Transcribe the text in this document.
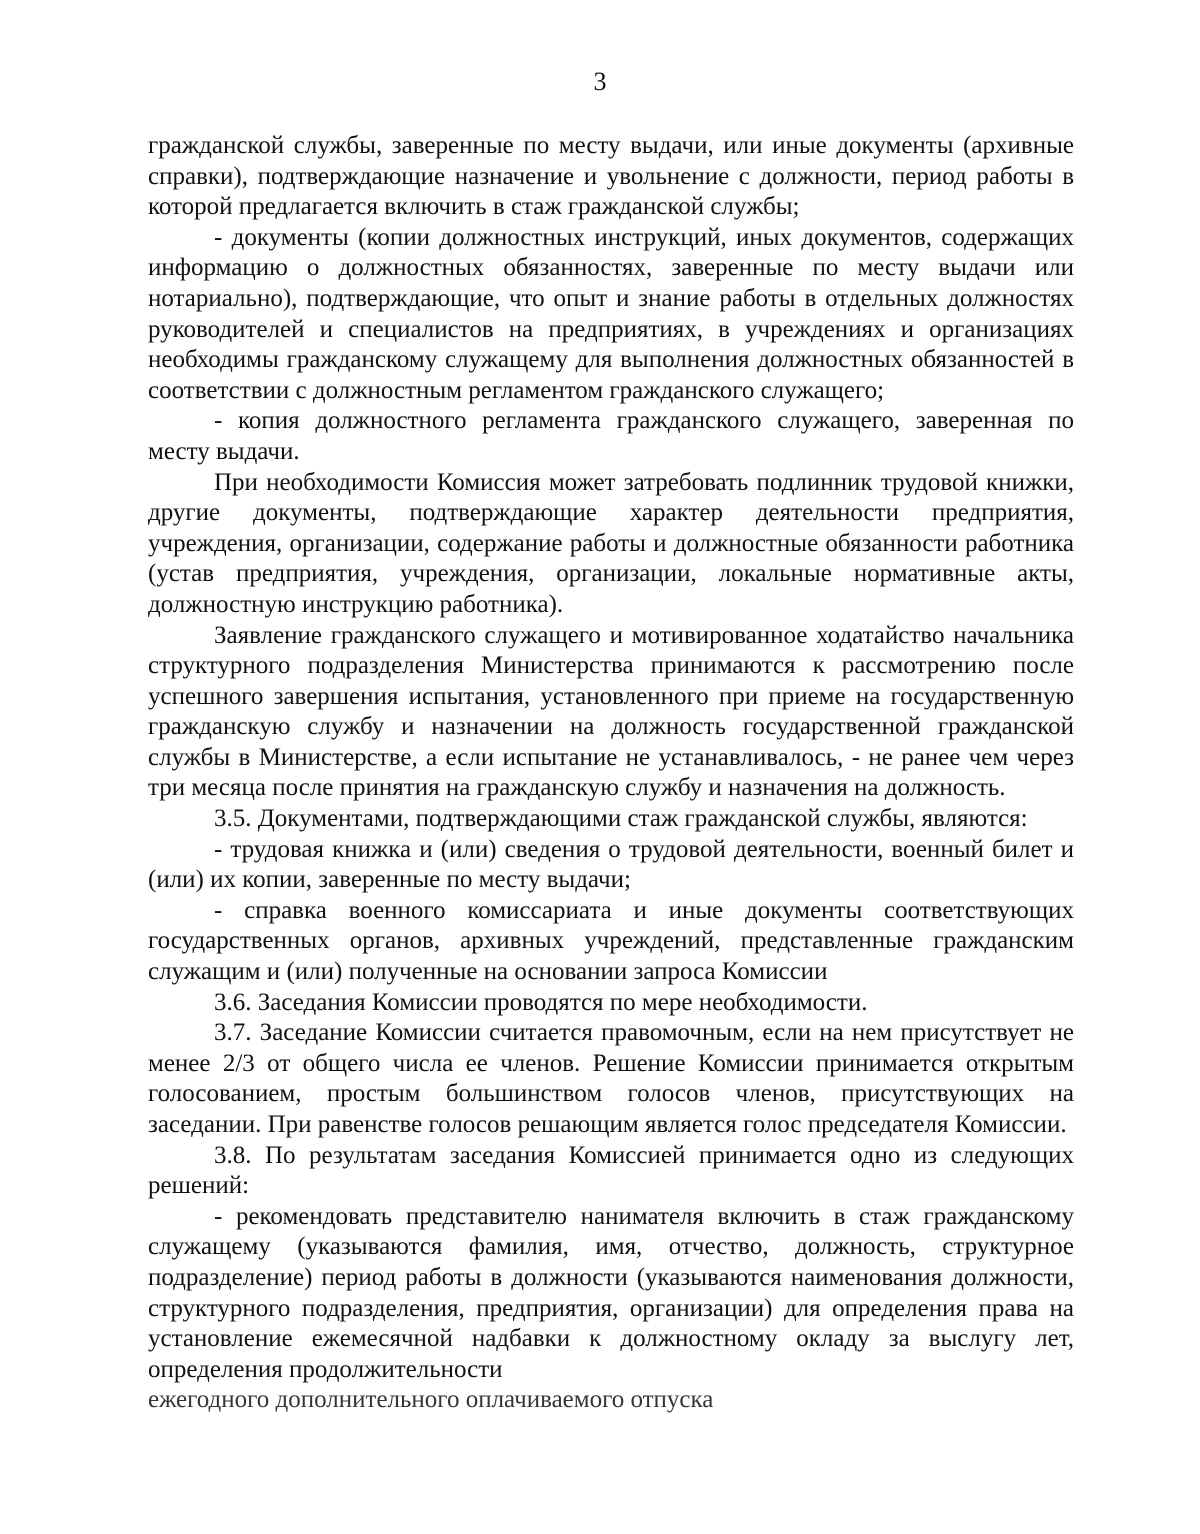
3

гражданской службы, заверенные по месту выдачи, или иные документы (архивные справки), подтверждающие назначение и увольнение с должности, период работы в которой предлагается включить в стаж гражданской службы;

- документы (копии должностных инструкций, иных документов, содержащих информацию о должностных обязанностях, заверенные по месту выдачи или нотариально), подтверждающие, что опыт и знание работы в отдельных должностях руководителей и специалистов на предприятиях, в учреждениях и организациях необходимы гражданскому служащему для выполнения должностных обязанностей в соответствии с должностным регламентом гражданского служащего;

- копия должностного регламента гражданского служащего, заверенная по месту выдачи.

При необходимости Комиссия может затребовать подлинник трудовой книжки, другие документы, подтверждающие характер деятельности предприятия, учреждения, организации, содержание работы и должностные обязанности работника (устав предприятия, учреждения, организации, локальные нормативные акты, должностную инструкцию работника).

Заявление гражданского служащего и мотивированное ходатайство начальника структурного подразделения Министерства принимаются к рассмотрению после успешного завершения испытания, установленного при приеме на государственную гражданскую службу и назначении на должность государственной гражданской службы в Министерстве, а если испытание не устанавливалось, - не ранее чем через три месяца после принятия на гражданскую службу и назначения на должность.

3.5. Документами, подтверждающими стаж гражданской службы, являются:

- трудовая книжка и (или) сведения о трудовой деятельности, военный билет и (или) их копии, заверенные по месту выдачи;

- справка военного комиссариата и иные документы соответствующих государственных органов, архивных учреждений, представленные гражданским служащим и (или) полученные на основании запроса Комиссии

3.6. Заседания Комиссии проводятся по мере необходимости.

3.7. Заседание Комиссии считается правомочным, если на нем присутствует не менее 2/3 от общего числа ее членов. Решение Комиссии принимается открытым голосованием, простым большинством голосов членов, присутствующих на заседании. При равенстве голосов решающим является голос председателя Комиссии.

3.8. По результатам заседания Комиссией принимается одно из следующих решений:

- рекомендовать представителю нанимателя включить в стаж гражданскому служащему (указываются фамилия, имя, отчество, должность, структурное подразделение) период работы в должности (указываются наименования должности, структурного подразделения, предприятия, организации) для определения права на установление ежемесячной надбавки к должностному окладу за выслугу лет, определения продолжительности

ежегодного дополнительного оплачиваемого отпуска
